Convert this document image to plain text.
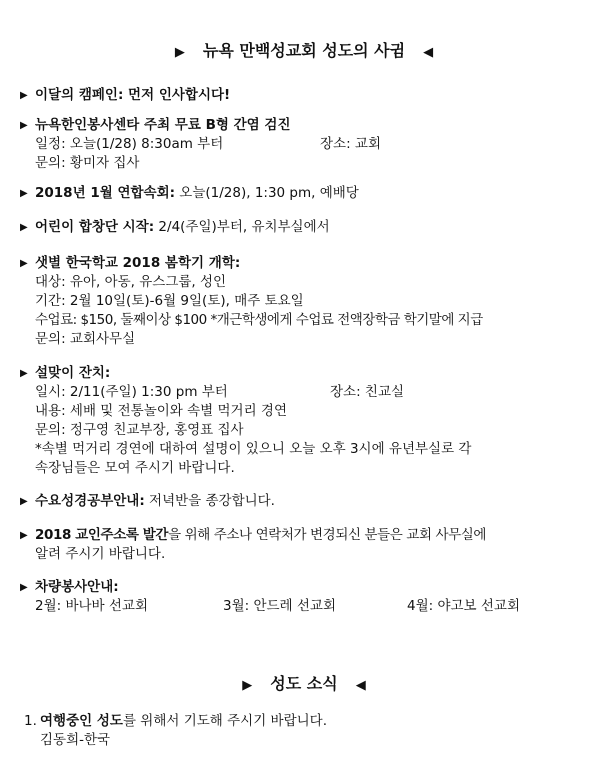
▶ 뉴욕 만백성교회 성도의 사귐 ◀
▶ 이달의 캠페인: 먼저 인사합시다!
▶ 뉴욕한인봉사센타 주최 무료 B형 간염 검진
일정: 오늘(1/28) 8:30am 부터	장소: 교회
문의: 황미자 집사
▶ 2018년 1월 연합속회: 오늘(1/28), 1:30 pm, 예배당
▶ 어린이 합창단 시작: 2/4(주일)부터, 유치부실에서
▶ 샛별 한국학교 2018 봄학기 개학:
대상: 유아, 아동, 유스그룹, 성인
기간: 2월 10일(토)-6월 9일(토), 매주 토요일
수업료: $150, 둘째이상 $100 *개근학생에게 수업료 전액장학금 학기말에 지급
문의: 교회사무실
▶ 설맞이 잔치:
일시: 2/11(주일) 1:30 pm 부터	장소: 친교실
내용: 세배 및 전통놀이와 속별 먹거리 경연
문의: 정구영 친교부장, 홍영표 집사
*속별 먹거리 경연에 대하여 설명이 있으니 오늘 오후 3시에 유년부실로 각
속장님들은 모여 주시기 바랍니다.
▶ 수요성경공부안내: 저녁반을 종강합니다.
▶ 2018 교인주소록 발간을 위해 주소나 연락처가 변경되신 분들은 교회 사무실에
알려 주시기 바랍니다.
▶ 차량봉사안내:
2월: 바나바 선교회	3월: 안드레 선교회	4월: 야고보 선교회
▶ 성도 소식 ◀
1. 여행중인 성도를 위해서 기도해 주시기 바랍니다.
김동희-한국
